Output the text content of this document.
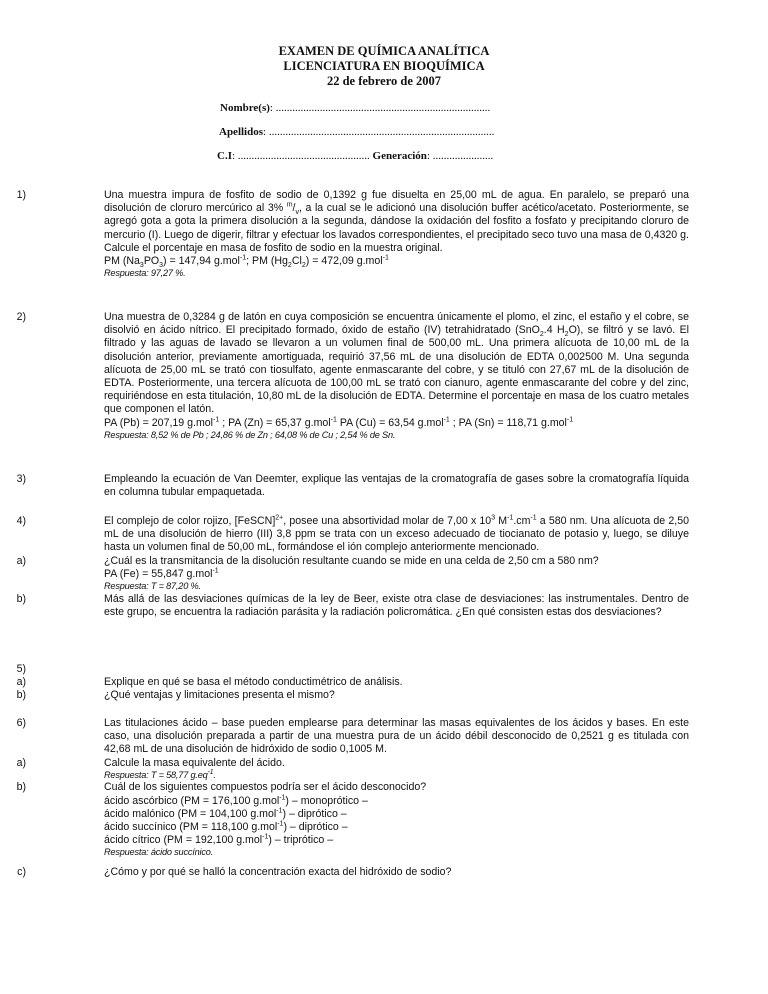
EXAMEN DE QUÍMICA ANALÍTICA
LICENCIATURA EN BIOQUÍMICA
22 de febrero de 2007
Nombre(s): ..............................................................................
Apellidos: ..................................................................................
C.I: ................................................ Generación: ......................
1)	Una muestra impura de fosfito de sodio de 0,1392 g fue disuelta en 25,00 mL de agua. En paralelo, se preparó una disolución de cloruro mercúrico al 3% $^m/_v$, a la cual se le adicionó una disolución buffer acético/acetato. Posteriormente, se agregó gota a gota la primera disolución a la segunda, dándose la oxidación del fosfito a fosfato y precipitando cloruro de mercurio (I). Luego de digerir, filtrar y efectuar los lavados correspondientes, el precipitado seco tuvo una masa de 0,4320 g. Calcule el porcentaje en masa de fosfito de sodio en la muestra original.

PM $(Na_3PO_3) = 147,94$ g.mol$^{-1}$; PM $(Hg_2Cl_2) = 472,09$ g.mol$^{-1}$
Respuesta: 97,27 %.
2)	Una muestra de 0,3284 g de latón en cuya composición se encuentra únicamente el plomo, el zinc, el estaño y el cobre, se disolvió en ácido nítrico. El precipitado formado, óxido de estaño (IV) tetrahidratado (SnO$_2$.4 $H_2O$), se filtró y se lavó. El filtrado y las aguas de lavado se llevaron a un volumen final de 500,00 mL. Una primera alícuota de 10,00 mL de la disolución anterior, previamente amortiguada, requirió 37,56 mL de una disolución de EDTA 0,002500 M. Una segunda alícuota de 25,00 mL se trató con tiosulfato, agente enmascarante del cobre, y se tituló con 27,67 mL de la disolución de EDTA. Posteriormente, una tercera alícuota de 100,00 mL se trató con cianuro, agente enmascarante del cobre y del zinc, requiriéndose en esta titulación, 10,80 mL de la disolución de EDTA. Determine el porcentaje en masa de los cuatro metales que componen el latón.

PA (Pb) = 207,19 g.mol$^{-1}$ ; PA (Zn) = 65,37 g.mol$^{-1}$ PA (Cu) = 63,54 g.mol$^{-1}$ ; PA (Sn) = 118,71 g.mol$^{-1}$
Respuesta: 8,52 % de Pb ; 24,86 % de Zn ; 64,08 % de Cu ; 2,54 % de Sn.
3)	Empleando la ecuación de Van Deemter, explique las ventajas de la cromatografía de gases sobre la cromatografía líquida en columna tubular empaquetada.

4)	El complejo de color rojizo, [FeSCN]$^{2+}$, posee una absortividad molar de 7,00 x $10^3$ $M^{-1}.cm^{-1}$ a 580 nm. Una alícuota de 2,50 mL de una disolución de hierro (III) 3,8 ppm se trata con un exceso adecuado de tiocianato de potasio y, luego, se diluye hasta un volumen final de 50,00 mL, formándose el ión complejo anteriormente mencionado.

a)	¿Cuál es la transmitancia de la disolución resultante cuando se mide en una celda de 2,50 cm a 580 nm?
PA (Fe) = 55,847 g.mol$^{-1}$
Respuesta: T = 87,20 %.
b)	Más allá de las desviaciones químicas de la ley de Beer, existe otra clase de desviaciones: las instrumentales. Dentro de este grupo, se encuentra la radiación parásita y la radiación policromática. ¿En qué consisten estas dos desviaciones?

5)
a)	Explique en qué se basa el método conductimétrico de análisis.
b)	¿Qué ventajas y limitaciones presenta el mismo?
6)	Las titulaciones ácido – base pueden emplearse para determinar las masas equivalentes de los ácidos y bases. En este caso, una disolución preparada a partir de una muestra pura de un ácido débil desconocido de 0,2521 g es titulada con 42,68 mL de una disolución de hidróxido de sodio 0,1005 M.

a)	Calcule la masa equivalente del ácido.
Respuesta: T = 58,77 $g.eq^{-1}$.
b)	Cuál de los siguientes compuestos podría ser el ácido desconocido?
ácido ascórbico (PM = 176,100 g.mol$^{-1}$) – monoprótico –
ácido malónico (PM = 104,100 g.mol$^{-1}$) – diprótico –
ácido succínico (PM = 118,100 g.mol$^{-1}$) – diprótico –
ácido cítrico (PM = 192,100 g.mol$^{-1}$) – triprótico –
Respuesta: ácido succínico.
c)	¿Cómo y por qué se halló la concentración exacta del hidróxido de sodio?
